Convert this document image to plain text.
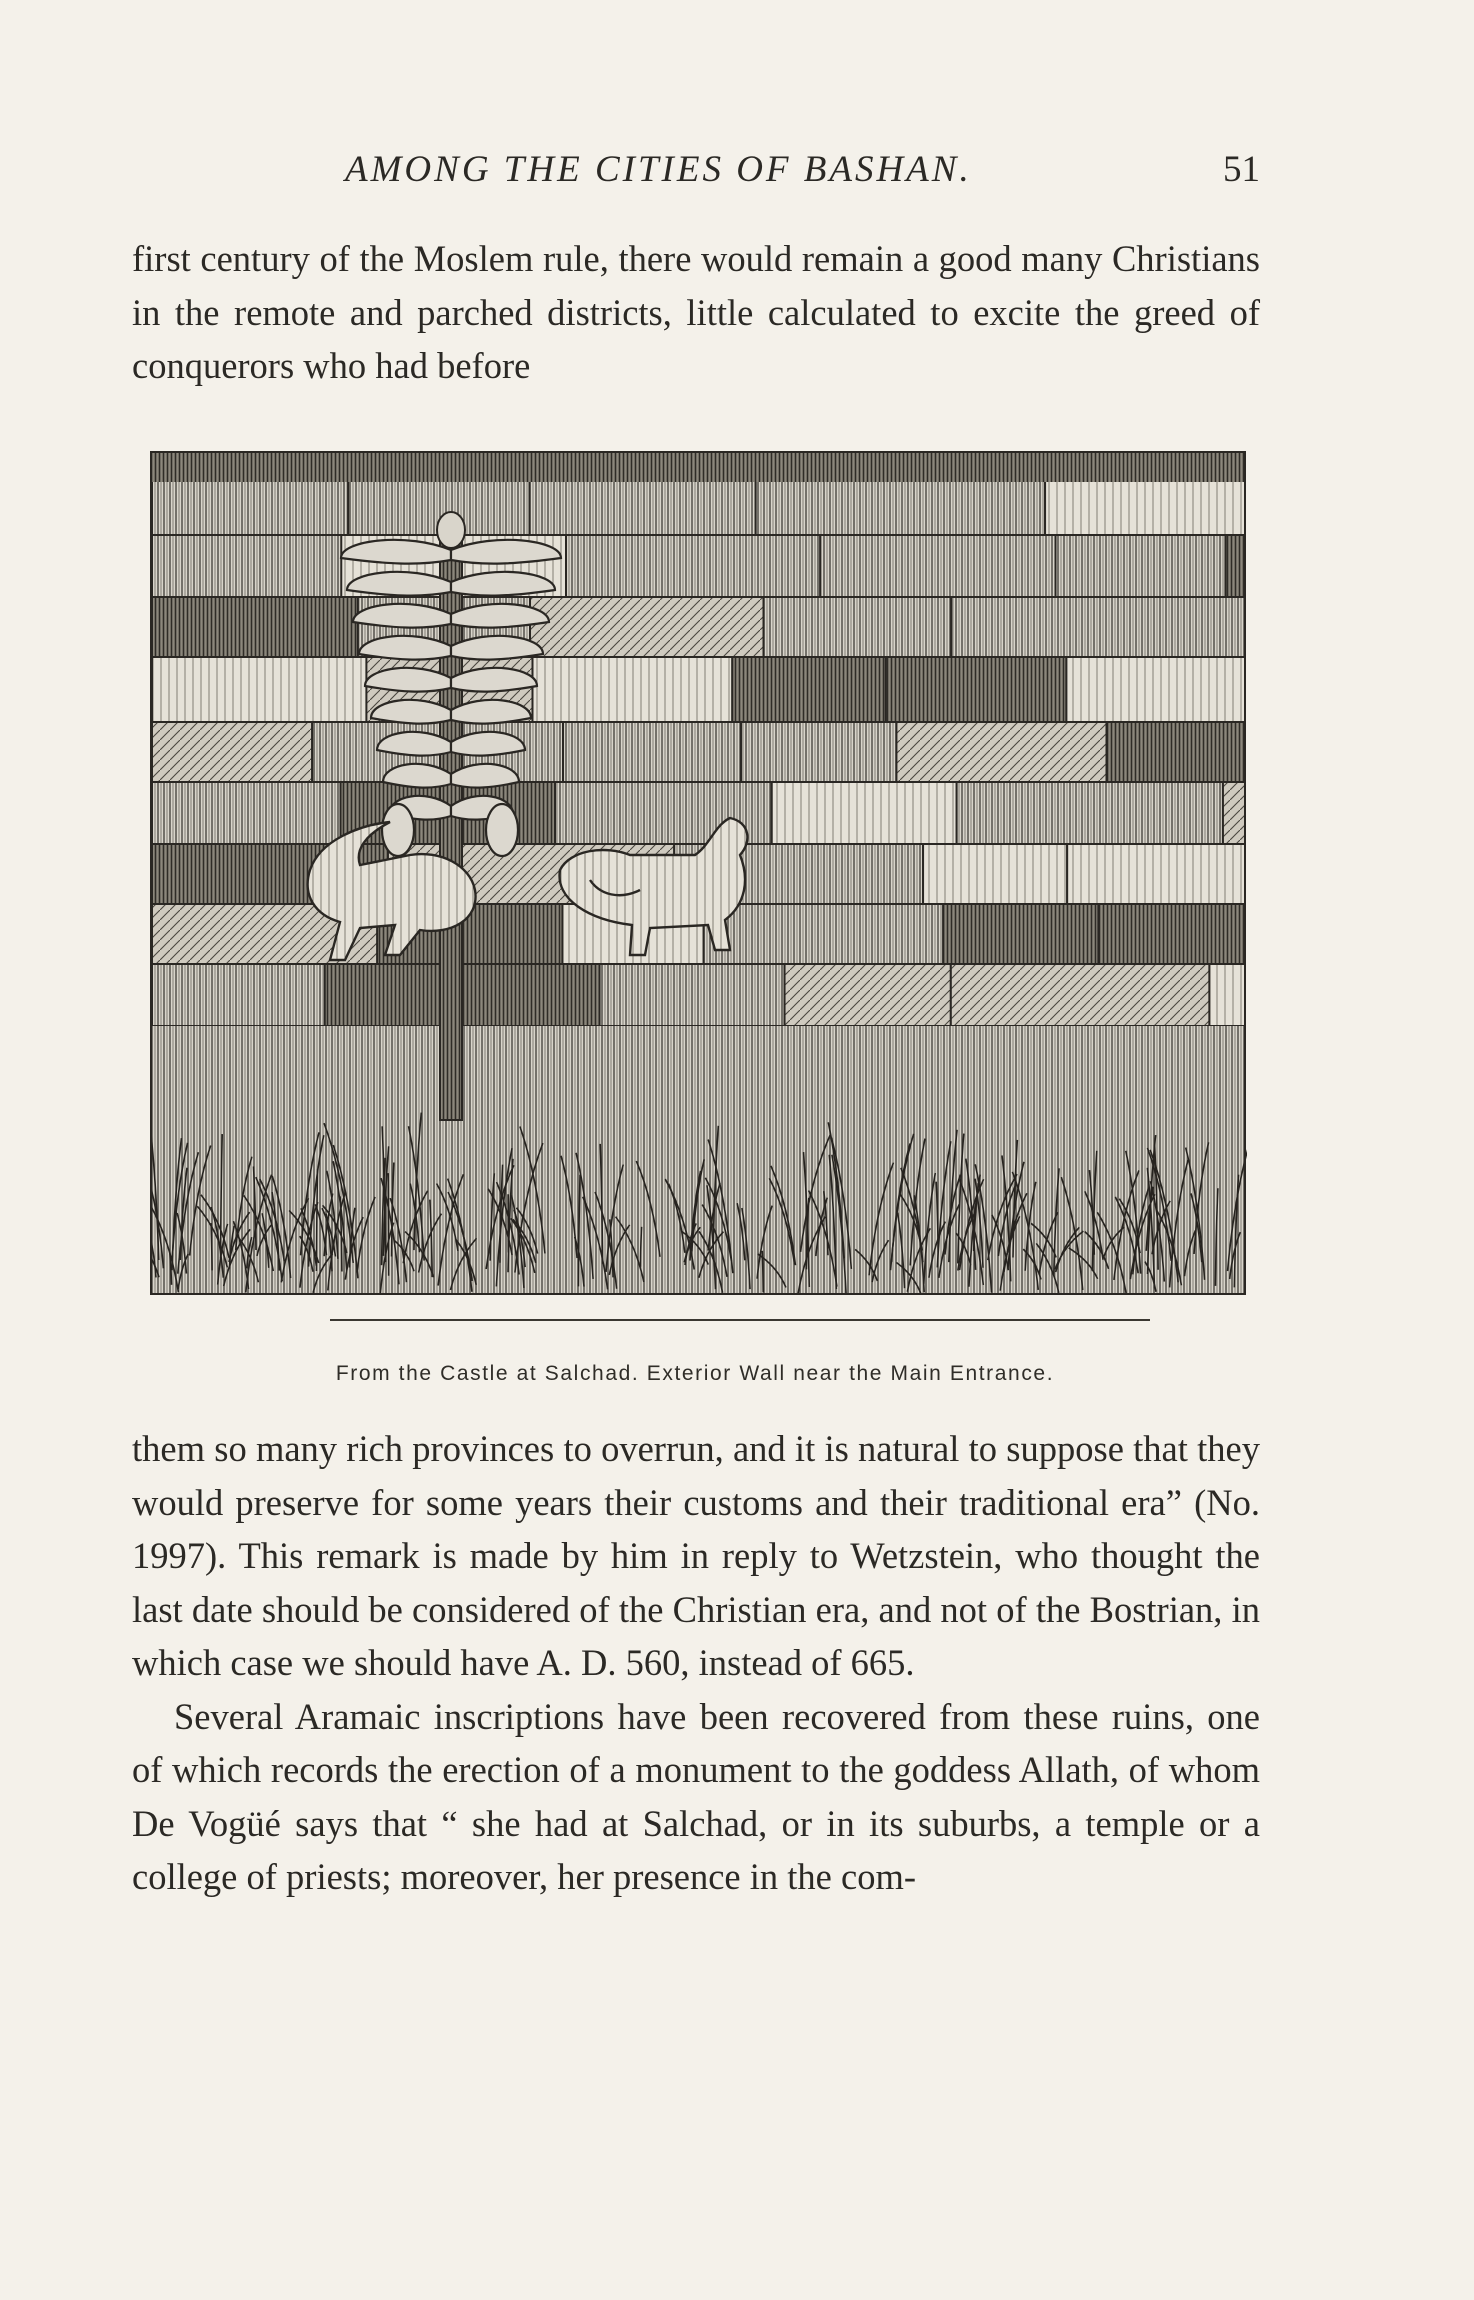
AMONG THE CITIES OF BASHAN.	51

first century of the Moslem rule, there would remain a good many Christians in the remote and parched districts, little calculated to excite the greed of conquerors who had before

From the Castle at Salchad. Exterior Wall near the Main Entrance.

them so many rich provinces to overrun, and it is natural to suppose that they would preserve for some years their customs and their traditional era” (No. 1997). This remark is made by him in reply to Wetzstein, who thought the last date should be considered of the Christian era, and not of the Bostrian, in which case we should have A. D. 560, instead of 665.

Several Aramaic inscriptions have been recovered from these ruins, one of which records the erection of a monument to the goddess Allath, of whom De Vogüé says that “ she had at Salchad, or in its suburbs, a temple or a college of priests; moreover, her presence in the com-
